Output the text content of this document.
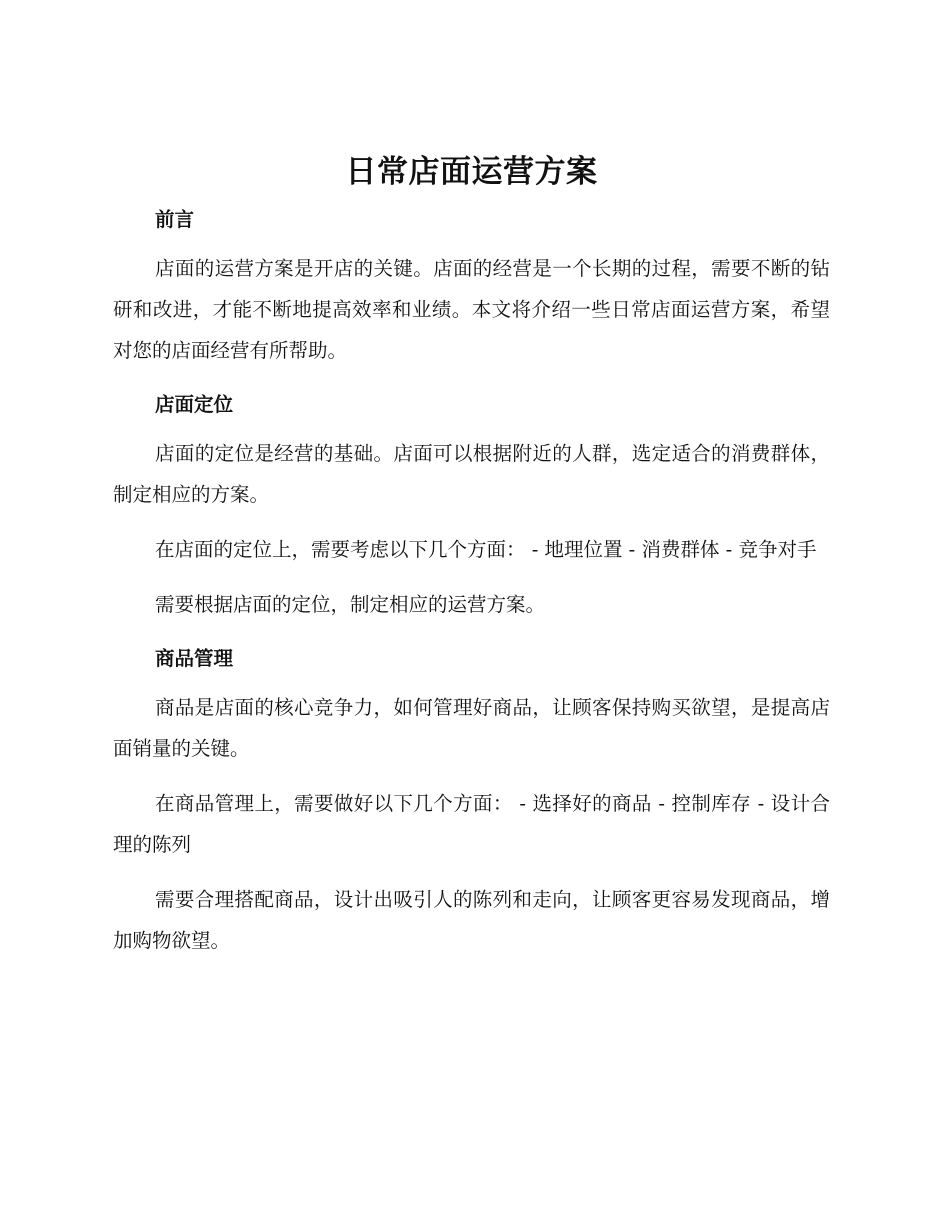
日常店面运营方案
前言

店面的运营方案是开店的关键。店面的经营是一个长期的过程，需要不断的钻研和改进，才能不断地提高效率和业绩。本文将介绍一些日常店面运营方案，希望对您的店面经营有所帮助。

店面定位

店面的定位是经营的基础。店面可以根据附近的人群，选定适合的消费群体，制定相应的方案。

在店面的定位上，需要考虑以下几个方面： - 地理位置 - 消费群体 - 竞争对手

需要根据店面的定位，制定相应的运营方案。

商品管理

商品是店面的核心竞争力，如何管理好商品，让顾客保持购买欲望，是提高店面销量的关键。

在商品管理上，需要做好以下几个方面： - 选择好的商品 - 控制库存 - 设计合理的陈列

需要合理搭配商品，设计出吸引人的陈列和走向，让顾客更容易发现商品，增加购物欲望。
